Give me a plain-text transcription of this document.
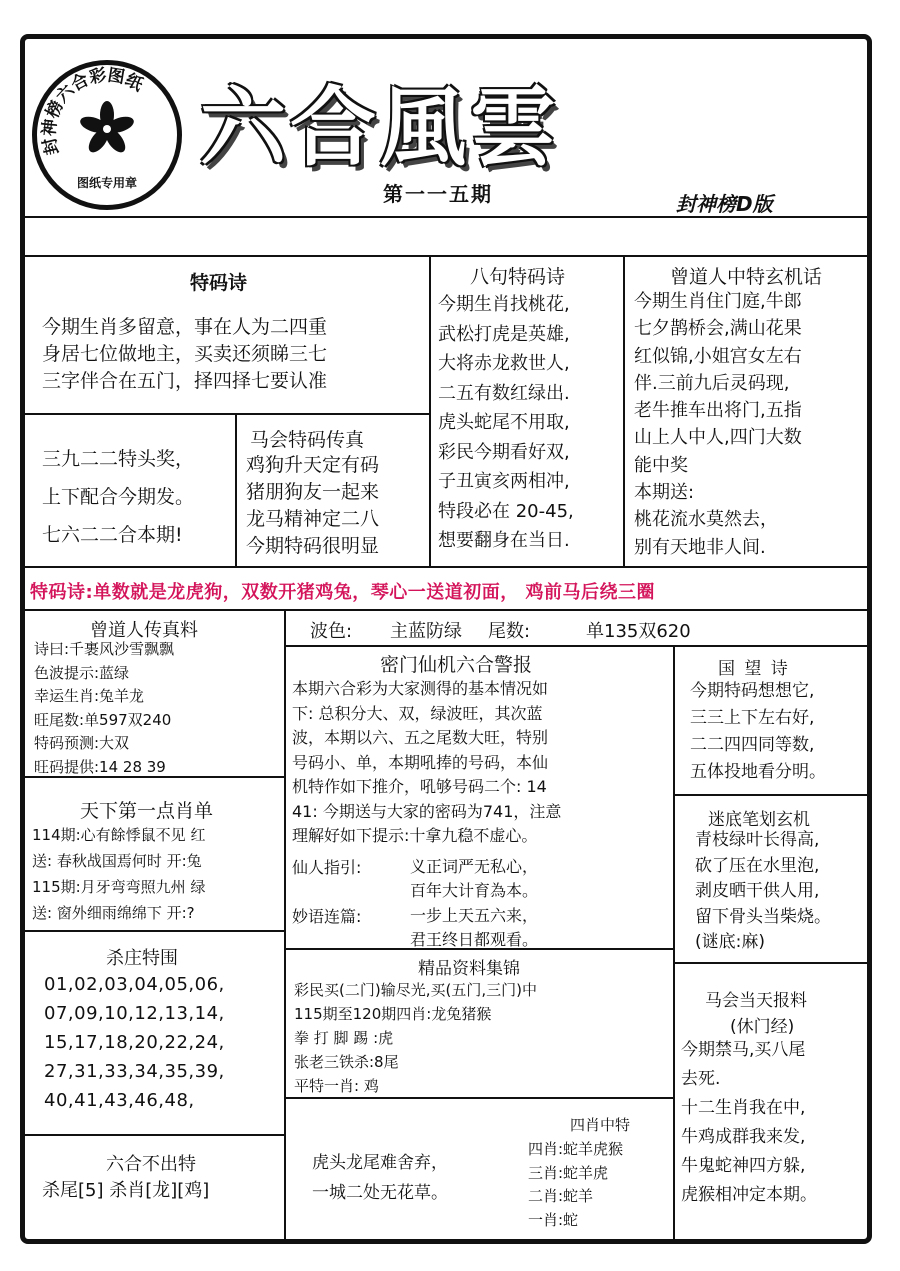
封神榜六合彩图纸
图纸专用章
六合風雲
第一一五期	封神榜D版
特码诗
今期生肖多留意，事在人为二四重
身居七位做地主，买卖还须睇三七
三字伴合在五门，择四择七要认准
三九二二特头奖，
上下配合今期发。
七六二二合本期!
马会特码传真
鸡狗升天定有码
猪朋狗友一起来
龙马精神定二八
今期特码很明显
八句特码诗
今期生肖找桃花,
武松打虎是英雄,
大将赤龙救世人,
二五有数红绿出.
虎头蛇尾不用取,
彩民今期看好双,
子丑寅亥两相冲,
特段必在 20-45,
想要翻身在当日.
曾道人中特玄机话
今期生肖住门庭,牛郎
七夕鹊桥会,满山花果
红似锦,小姐宫女左右
伴.三前九后灵码现,
老牛推车出将门,五指
山上人中人,四门大数
能中奖
本期送:
桃花流水莫然去，
别有天地非人间.
特码诗:单数就是龙虎狗，双数开猪鸡兔，琴心一送道初面， 鸡前马后绕三圈
曾道人传真料
诗曰:千裹风沙雪飘飘
色波提示:蓝绿
幸运生肖:兔羊龙
旺尾数:单597双240
特码预测:大双
旺码提供:14 28 39
天下第一点肖单
114期:心有餘悸鼠不见 红
送: 春秋战国焉何时 开:兔
115期:月牙弯弯照九州 绿
送: 窗外细雨绵绵下 开:?
杀庄特围
01,02,03,04,05,06,
07,09,10,12,13,14,
15,17,18,20,22,24,
27,31,33,34,35,39,
40,41,43,46,48,
六合不出特
杀尾[5] 杀肖[龙][鸡]
波色: 主蓝防绿 尾数:	单135双620
密门仙机六合警报
本期六合彩为大家测得的基本情况如
下: 总积分大、双，绿波旺，其次蓝
波，本期以六、五之尾数大旺，特别
号码小、单，本期吼捧的号码，本仙
机特作如下推介，吼够号码二个: 14
41: 今期送与大家的密码为741，注意
理解好如下提示:十拿九稳不虚心。
仙人指引:	义正词严无私心，
百年大计育為本。
妙语连篇:	一步上天五六来，
君王终日都观看。
精品资料集锦
彩民买(二门)输尽光,买(五门,三门)中
115期至120期四肖:龙兔猪猴
拳 打 脚 踢 :虎
张老三铁杀:8尾
平特一肖: 鸡
虎头龙尾难舍弃，
一城二处无花草。
四肖中特
四肖:蛇羊虎猴
三肖:蛇羊虎
二肖:蛇羊
一肖:蛇
国 望 诗
今期特码想想它,
三三上下左右好,
二二四四同等数,
五体投地看分明。
迷底笔划玄机
青枝绿叶长得高,
砍了压在水里泡,
剥皮晒干供人用,
留下骨头当柴烧。
(谜底:麻)
马会当天报料
(休门经)
今期禁马,买八尾
去死.
十二生肖我在中,
牛鸡成群我来发,
牛鬼蛇神四方躲,
虎猴相冲定本期。
